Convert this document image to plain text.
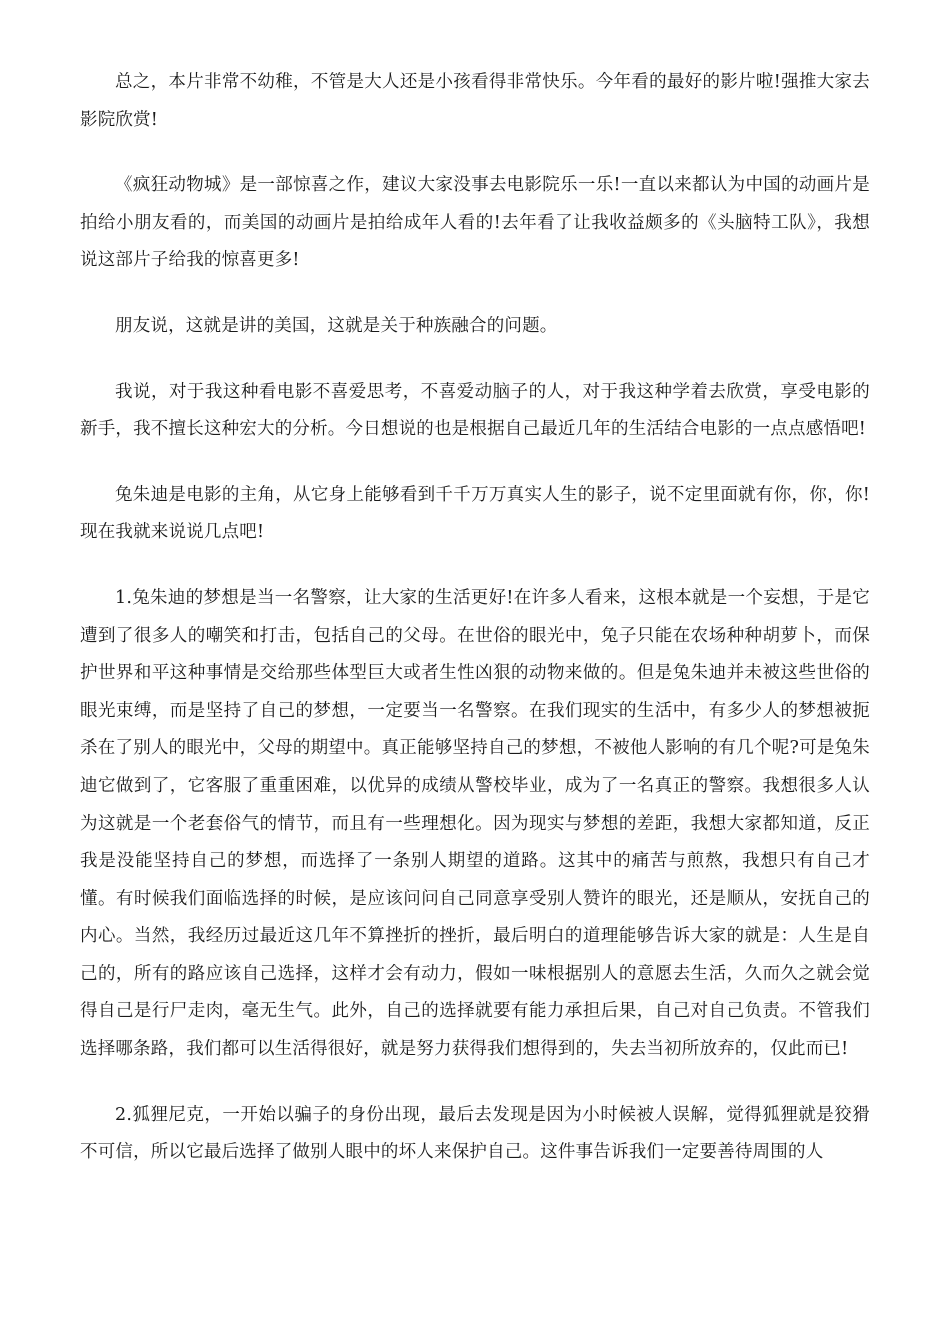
总之，本片非常不幼稚，不管是大人还是小孩看得非常快乐。今年看的最好的影片啦!强推大家去影院欣赏!

《疯狂动物城》是一部惊喜之作，建议大家没事去电影院乐一乐!一直以来都认为中国的动画片是拍给小朋友看的，而美国的动画片是拍给成年人看的!去年看了让我收益颇多的《头脑特工队》，我想说这部片子给我的惊喜更多!

朋友说，这就是讲的美国，这就是关于种族融合的问题。

我说，对于我这种看电影不喜爱思考，不喜爱动脑子的人，对于我这种学着去欣赏，享受电影的新手，我不擅长这种宏大的分析。今日想说的也是根据自己最近几年的生活结合电影的一点点感悟吧!

兔朱迪是电影的主角，从它身上能够看到千千万万真实人生的影子，说不定里面就有你，你，你!现在我就来说说几点吧!

1.兔朱迪的梦想是当一名警察，让大家的生活更好!在许多人看来，这根本就是一个妄想，于是它遭到了很多人的嘲笑和打击，包括自己的父母。在世俗的眼光中，兔子只能在农场种种胡萝卜，而保护世界和平这种事情是交给那些体型巨大或者生性凶狠的动物来做的。但是兔朱迪并未被这些世俗的眼光束缚，而是坚持了自己的梦想，一定要当一名警察。在我们现实的生活中，有多少人的梦想被扼杀在了别人的眼光中，父母的期望中。真正能够坚持自己的梦想，不被他人影响的有几个呢?可是兔朱迪它做到了，它客服了重重困难，以优异的成绩从警校毕业，成为了一名真正的警察。我想很多人认为这就是一个老套俗气的情节，而且有一些理想化。因为现实与梦想的差距，我想大家都知道，反正我是没能坚持自己的梦想，而选择了一条别人期望的道路。这其中的痛苦与煎熬，我想只有自己才懂。有时候我们面临选择的时候，是应该问问自己同意享受别人赞许的眼光，还是顺从，安抚自己的内心。当然，我经历过最近这几年不算挫折的挫折，最后明白的道理能够告诉大家的就是：人生是自己的，所有的路应该自己选择，这样才会有动力，假如一味根据别人的意愿去生活，久而久之就会觉得自己是行尸走肉，毫无生气。此外，自己的选择就要有能力承担后果，自己对自己负责。不管我们选择哪条路，我们都可以生活得很好，就是努力获得我们想得到的，失去当初所放弃的，仅此而已!

2.狐狸尼克，一开始以骗子的身份出现，最后去发现是因为小时候被人误解，觉得狐狸就是狡猾不可信，所以它最后选择了做别人眼中的坏人来保护自己。这件事告诉我们一定要善待周围的人
